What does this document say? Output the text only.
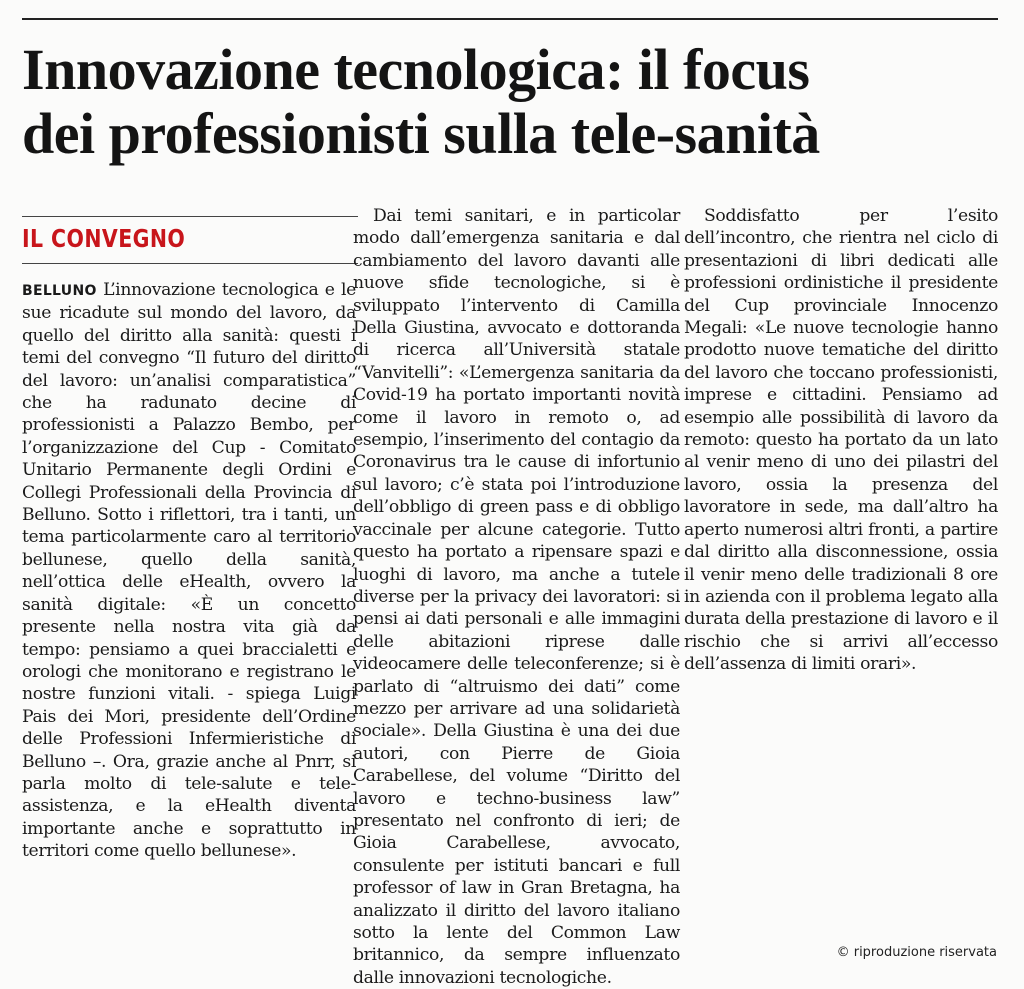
Innovazione tecnologica: il focus
dei professionisti sulla tele-sanità
IL CONVEGNO

BELLUNO L’innovazione tecnologica e le sue ricadute sul mondo del lavoro, da quello del diritto alla sanità: questi i temi del convegno “Il futuro del diritto del lavoro: un’analisi comparatistica” che ha radunato decine di professionisti a Palazzo Bembo, per l’organizzazione del Cup - Comitato Unitario Permanente degli Ordini e Collegi Professionali della Provincia di Belluno. Sotto i riflettori, tra i tanti, un tema particolarmente caro al territorio bellunese, quello della sanità, nell’ottica delle eHealth, ovvero la sanità digitale: «È un concetto presente nella nostra vita già da tempo: pensiamo a quei braccialetti e orologi che monitorano e registrano le nostre funzioni vitali. - spiega Luigi Pais dei Mori, presidente dell’Ordine delle Professioni Infermieristiche di Belluno –. Ora, grazie anche al Pnrr, si parla molto di tele-salute e tele-assistenza, e la eHealth diventa importante anche e soprattutto in territori come quello bellunese».

Dai temi sanitari, e in particolar modo dall’emergenza sanitaria e dal cambiamento del lavoro davanti alle nuove sfide tecnologiche, si è sviluppato l’intervento di Camilla Della Giustina, avvocato e dottoranda di ricerca all’Università statale “Vanvitelli”: «L’emergenza sanitaria da Covid-19 ha portato importanti novità come il lavoro in remoto o, ad esempio, l’inserimento del contagio da Coronavirus tra le cause di infortunio sul lavoro; c’è stata poi l’introduzione dell’obbligo di green pass e di obbligo vaccinale per alcune categorie. Tutto questo ha portato a ripensare spazi e luoghi di lavoro, ma anche a tutele diverse per la privacy dei lavoratori: si pensi ai dati personali e alle immagini delle abitazioni riprese dalle videocamere delle teleconferenze; si è parlato di “altruismo dei dati” come mezzo per arrivare ad una solidarietà sociale». Della Giustina è una dei due autori, con Pierre de Gioia Carabellese, del volume “Diritto del lavoro e techno-business law” presentato nel confronto di ieri; de Gioia Carabellese, avvocato, consulente per istituti bancari e full professor of law in Gran Bretagna, ha analizzato il diritto del lavoro italiano sotto la lente del Common Law britannico, da sempre influenzato dalle innovazioni tecnologiche.

Soddisfatto per l’esito dell’incontro, che rientra nel ciclo di presentazioni di libri dedicati alle professioni ordinistiche il presidente del Cup provinciale Innocenzo Megali: «Le nuove tecnologie hanno prodotto nuove tematiche del diritto del lavoro che toccano professionisti, imprese e cittadini. Pensiamo ad esempio alle possibilità di lavoro da remoto: questo ha portato da un lato al venir meno di uno dei pilastri del lavoro, ossia la presenza del lavoratore in sede, ma dall’altro ha aperto numerosi altri fronti, a partire dal diritto alla disconnessione, ossia il venir meno delle tradizionali 8 ore in azienda con il problema legato alla durata della prestazione di lavoro e il rischio che si arrivi all’eccesso dell’assenza di limiti orari».

© riproduzione riservata
